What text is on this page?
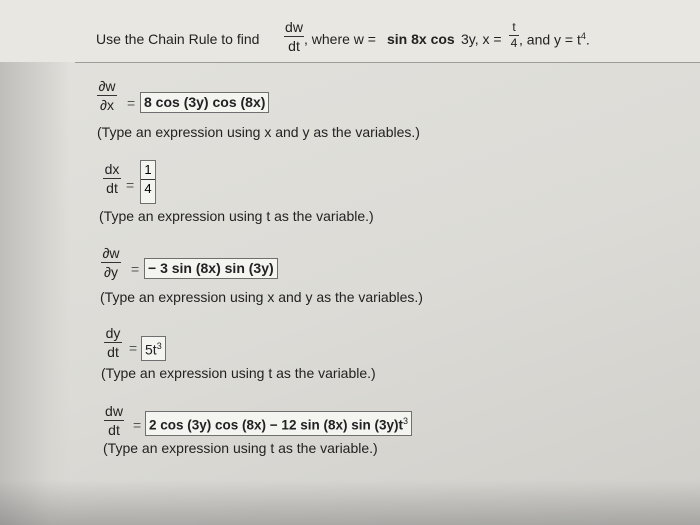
Use the Chain Rule to find
dw
dt , where w = sin 8x cos 3y, x =
t
4 , and $y = t^4$.
∂w
∂x = 8 cos (3y) cos (8x)
(Type an expression using x and y as the variables.)
dx
dt =
1
4
(Type an expression using t as the variable.)
∂w
∂y = − 3 sin (8x) sin (3y)
(Type an expression using x and y as the variables.)
dy
dt = $5t^3$
(Type an expression using t as the variable.)
dw
dt = 2 cos (3y) cos (8x) − 12 sin (8x) $\sin (3y)t^3$
(Type an expression using t as the variable.)
